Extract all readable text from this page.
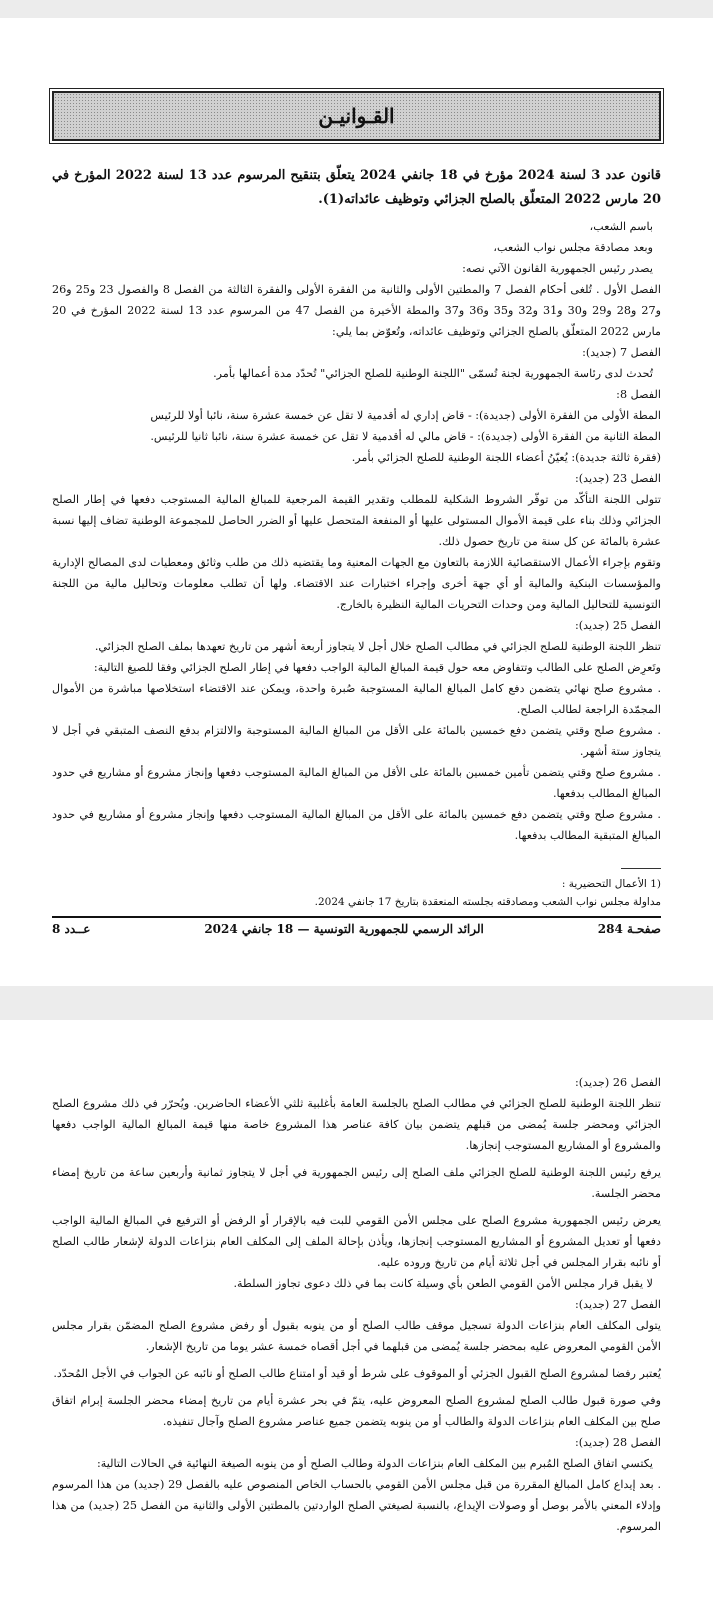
القـوانيـن
قانون عدد 3 لسنة 2024 مؤرخ في 18 جانفي 2024 يتعلّق بتنقيح المرسوم عدد 13 لسنة 2022 المؤرخ في 20 مارس 2022 المتعلّق بالصلح الجزائي وتوظيف عائداته(1).

باسم الشعب،

وبعد مصادقة مجلس نواب الشعب،

يصدر رئيس الجمهورية القانون الآتي نصه:

الفصل الأول . تُلغى أحكام الفصل 7 والمطتين الأولى والثانية من الفقرة الأولى والفقرة الثالثة من الفصل 8 والفصول 23 و25 و26 و27 و28 و29 و30 و31 و32 و35 و36 و37 والمطة الأخيرة من الفصل 47 من المرسوم عدد 13 لسنة 2022 المؤرخ في 20 مارس 2022 المتعلّق بالصلح الجزائي وتوظيف عائداته، وتُعوّض بما يلي:

الفصل 7 (جديد):

تُحدث لدى رئاسة الجمهورية لجنة تُسمّى "اللجنة الوطنية للصلح الجزائي" تُحدّد مدة أعمالها بأمر.

الفصل 8:

المطة الأولى من الفقرة الأولى (جديدة): - قاض إداري له أقدمية لا تقل عن خمسة عشرة سنة، نائبا أولا للرئيس

المطة الثانية من الفقرة الأولى (جديدة): - قاض مالي له أقدمية لا تقل عن خمسة عشرة سنة، نائبا ثانيا للرئيس.

(فقرة ثالثة جديدة): يُعيّنُ أعضاء اللجنة الوطنية للصلح الجزائي بأمر.

الفصل 23 (جديد):

تتولى اللجنة التأكّد من توفّر الشروط الشكلية للمطلب وتقدير القيمة المرجعية للمبالغ المالية المستوجب دفعها في إطار الصلح الجزائي وذلك بناء على قيمة الأموال المستولى عليها أو المنفعة المتحصل عليها أو الضرر الحاصل للمجموعة الوطنية تضاف إليها نسبة عشرة بالمائة عن كل سنة من تاريخ حصول ذلك.

وتقوم بإجراء الأعمال الاستقصائية اللازمة بالتعاون مع الجهات المعنية وما يقتضيه ذلك من طلب وثائق ومعطيات لدى المصالح الإدارية والمؤسسات البنكية والمالية أو أي جهة أخرى وإجراء اختبارات عند الاقتضاء. ولها أن تطلب معلومات وتحاليل مالية من اللجنة التونسية للتحاليل المالية ومن وحدات التحريات المالية النظيرة بالخارج.

الفصل 25 (جديد):

تنظر اللجنة الوطنية للصلح الجزائي في مطالب الصلح خلال أجل لا يتجاوز أربعة أشهر من تاريخ تعهدها بملف الصلح الجزائي.

وتَعرِض الصلح على الطالب وتتفاوض معه حول قيمة المبالغ المالية الواجب دفعها في إطار الصلح الجزائي وفقا للصيغ التالية:

. مشروع صلح نهائي يتضمن دفع كامل المبالغ المالية المستوجبة صُبرة واحدة، ويمكن عند الاقتضاء استخلاصها مباشرة من الأموال المجمّدة الراجعة لطالب الصلح.

. مشروع صلح وقتي يتضمن دفع خمسين بالمائة على الأقل من المبالغ المالية المستوجبة والالتزام بدفع النصف المتبقي في أجل لا يتجاوز ستة أشهر.

. مشروع صلح وقتي يتضمن تأمين خمسين بالمائة على الأقل من المبالغ المالية المستوجب دفعها وإنجاز مشروع أو مشاريع في حدود المبالغ المطالب بدفعها.

. مشروع صلح وقتي يتضمن دفع خمسين بالمائة على الأقل من المبالغ المالية المستوجب دفعها وإنجاز مشروع أو مشاريع في حدود المبالغ المتبقية المطالب بدفعها.

(1 الأعمال التحضيرية :
مداولة مجلس نواب الشعب ومصادقته بجلسته المنعقدة بتاريخ 17 جانفي 2024.
صفحـة 284
الرائد الرسمي للجمهورية التونسية — 18 جانفي 2024
عــدد 8

الفصل 26 (جديد):

تنظر اللجنة الوطنية للصلح الجزائي في مطالب الصلح بالجلسة العامة بأغلبية ثلثي الأعضاء الحاضرين. ويُحرّر في ذلك مشروع الصلح الجزائي ومحضر جلسة يُمضى من قبلهم يتضمن بيان كافة عناصر هذا المشروع خاصة منها قيمة المبالغ المالية الواجب دفعها والمشروع أو المشاريع المستوجب إنجازها.

يرفع رئيس اللجنة الوطنية للصلح الجزائي ملف الصلح إلى رئيس الجمهورية في أجل لا يتجاوز ثمانية وأربعين ساعة من تاريخ إمضاء محضر الجلسة.

يعرض رئيس الجمهورية مشروع الصلح على مجلس الأمن القومي للبت فيه بالإقرار أو الرفض أو الترفيع في المبالغ المالية الواجب دفعها أو تعديل المشروع أو المشاريع المستوجب إنجازها، ويأذن بإحالة الملف إلى المكلف العام بنزاعات الدولة لإشعار طالب الصلح أو نائبه بقرار المجلس في أجل ثلاثة أيام من تاريخ وروده عليه.

لا يقبل قرار مجلس الأمن القومي الطعن بأي وسيلة كانت بما في ذلك دعوى تجاوز السلطة.

الفصل 27 (جديد):

يتولى المكلف العام بنزاعات الدولة تسجيل موقف طالب الصلح أو من ينوبه بقبول أو رفض مشروع الصلح المضمّن بقرار مجلس الأمن القومي المعروض عليه بمحضر جلسة يُمضى من قبلهما في أجل أقصاه خمسة عشر يوما من تاريخ الإشعار.

يُعتبر رفضا لمشروع الصلح القبول الجزئي أو الموقوف على شرط أو قيد أو امتناع طالب الصلح أو نائبه عن الجواب في الأجل المُحدّد.

وفي صورة قبول طالب الصلح لمشروع الصلح المعروض عليه، يتمّ في بحر عشرة أيام من تاريخ إمضاء محضر الجلسة إبرام اتفاق صلح بين المكلف العام بنزاعات الدولة والطالب أو من ينوبه يتضمن جميع عناصر مشروع الصلح وآجال تنفيذه.

الفصل 28 (جديد):

يكتسي اتفاق الصلح المُبرم بين المكلف العام بنزاعات الدولة وطالب الصلح أو من ينوبه الصيغة النهائية في الحالات التالية:

. بعد إيداع كامل المبالغ المقررة من قبل مجلس الأمن القومي بالحساب الخاص المنصوص عليه بالفصل 29 (جديد) من هذا المرسوم وإدلاء المعني بالأمر بوصل أو وصولات الإيداع، بالنسبة لصيغتي الصلح الواردتين بالمطتين الأولى والثانية من الفصل 25 (جديد) من هذا المرسوم.
